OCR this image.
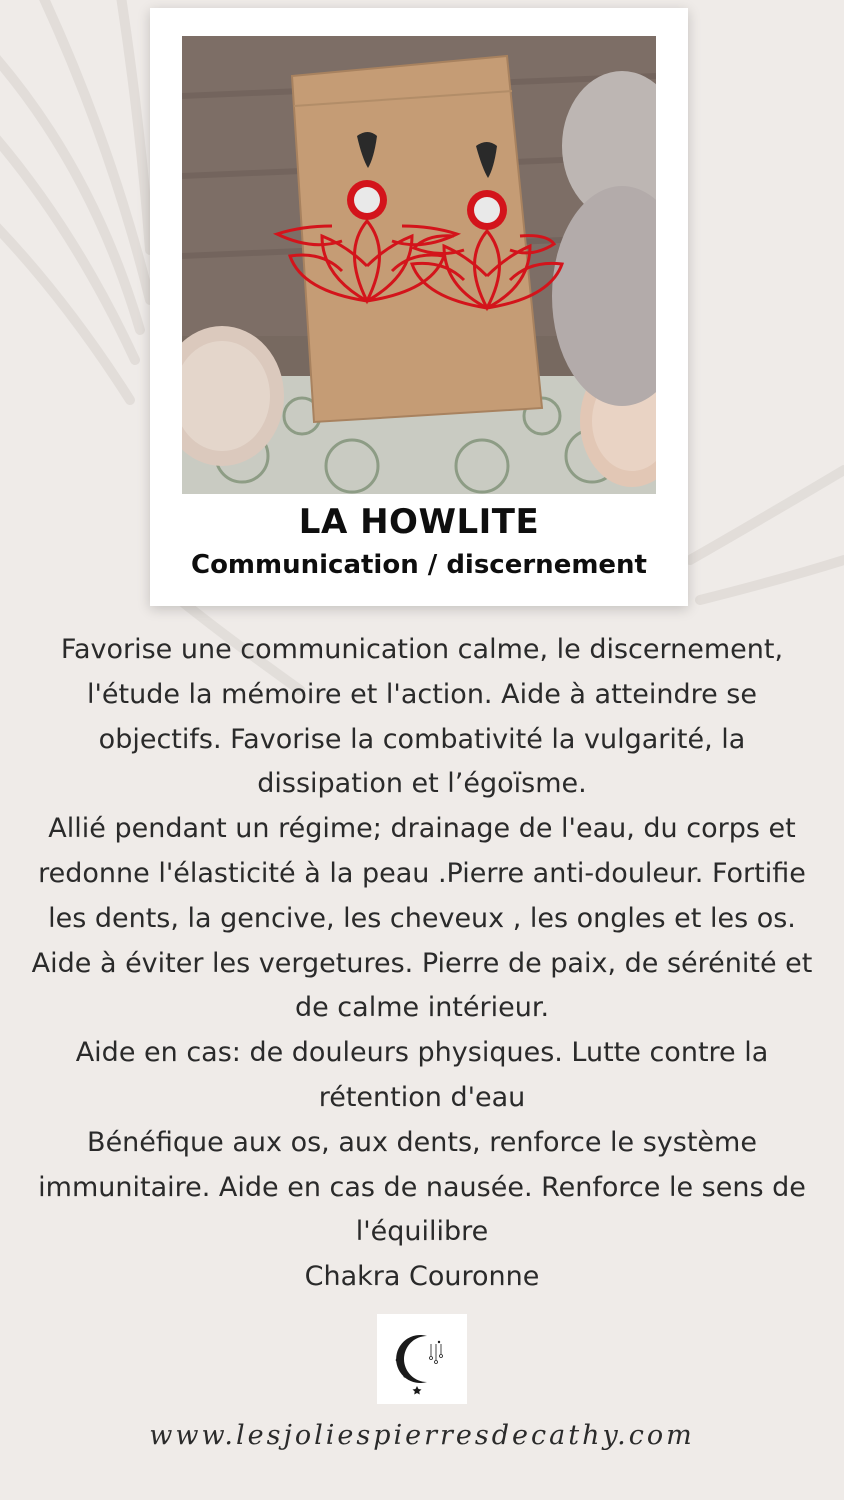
LA HOWLITE
Communication / discernement

Favorise une communication calme, le discernement, l'étude la mémoire et l'action. Aide à atteindre se objectifs. Favorise la combativité la vulgarité, la dissipation et l’égoïsme.

Allié pendant un régime; drainage de l'eau, du corps et redonne l'élasticité à la peau .Pierre anti-douleur. Fortifie les dents, la gencive, les cheveux , les ongles et les os. Aide à éviter les vergetures. Pierre de paix, de sérénité et de calme intérieur.

Aide en cas: de douleurs physiques. Lutte contre la rétention d'eau

Bénéfique aux os, aux dents, renforce le système immunitaire. Aide en cas de nausée. Renforce le sens de l'équilibre

Chakra Couronne

www.lesjoliespierresdecathy.com
